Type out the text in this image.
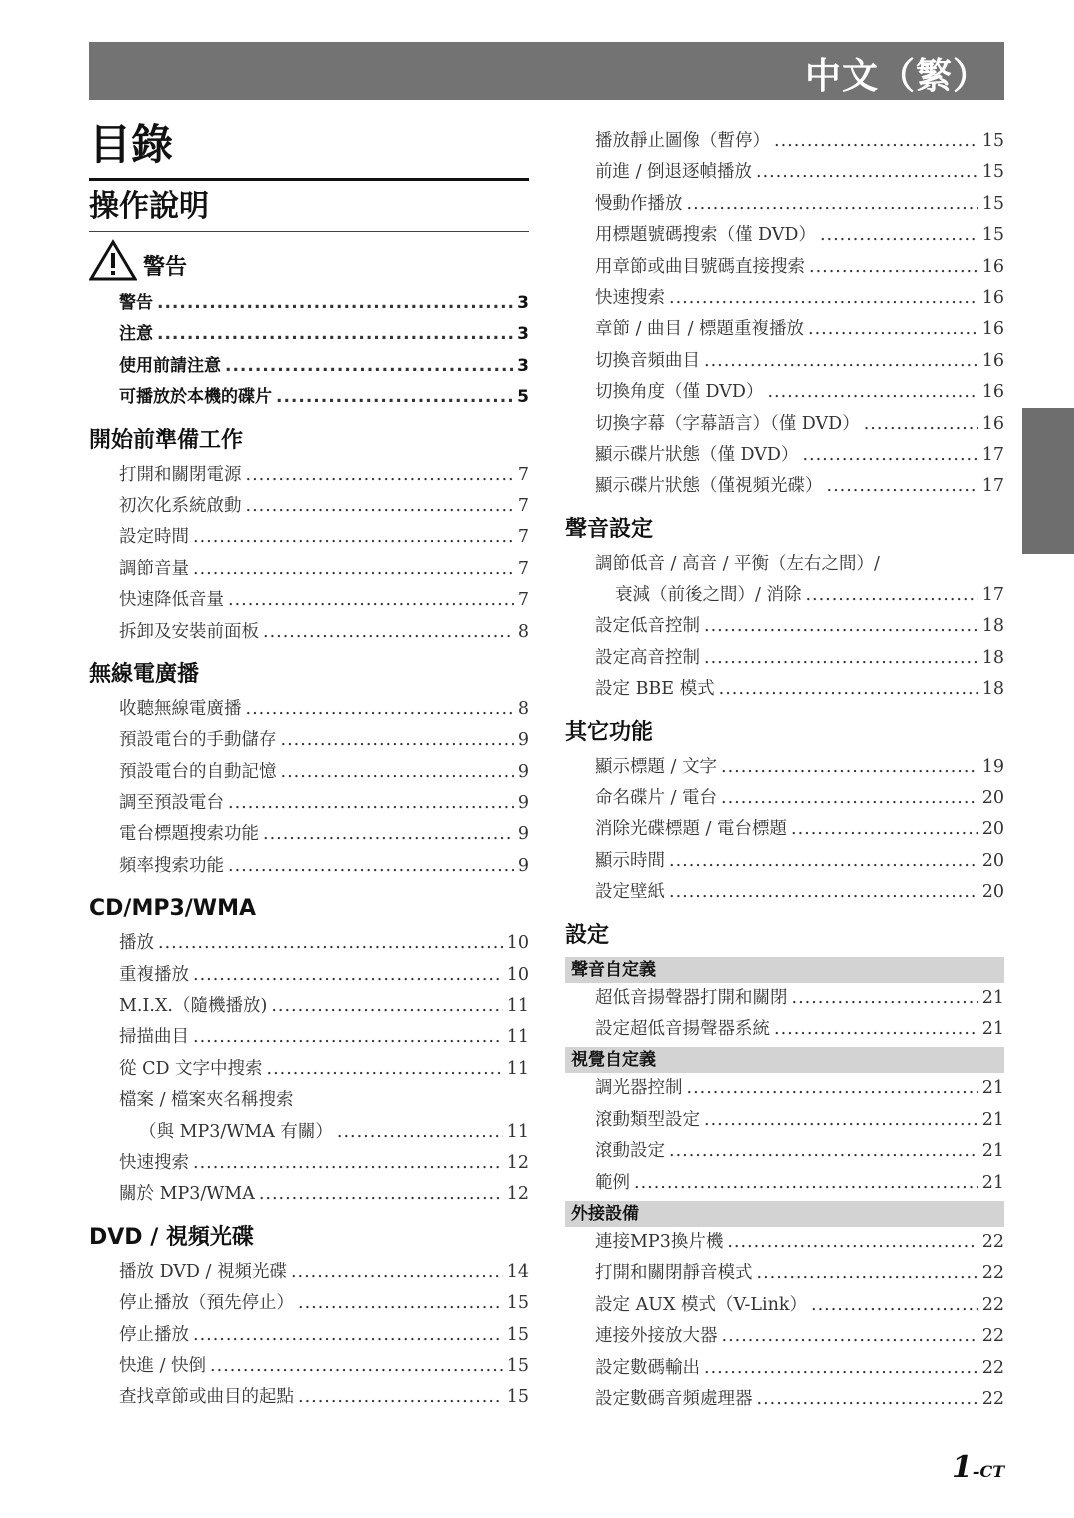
中文（繁）
目錄
操作說明
警告
警告 .....	3
注意 .....	3
使用前請注意 .....	3
可播放於本機的碟片 .....	5
開始前準備工作
打開和關閉電源 .....	7
初次化系統啟動 .....	7
設定時間 .....	7
調節音量 .....	7
快速降低音量 .....	7
拆卸及安裝前面板 .....	8
無線電廣播
收聽無線電廣播 .....	8
預設電台的手動儲存 .....	9
預設電台的自動記憶 .....	9
調至預設電台 .....	9
電台標題搜索功能 .....	9
頻率搜索功能 .....	9
CD/MP3/WMA
播放 .....	10
重複播放 .....	10
M.I.X.（隨機播放) .....	11
掃描曲目 .....	11
從 CD 文字中搜索 .....	11
檔案 / 檔案夾名稱搜索
（與 MP3/WMA 有關） .....	11
快速搜索 .....	12
關於 MP3/WMA .....	12
DVD / 視頻光碟
播放 DVD / 視頻光碟 .....	14
停止播放（預先停止） .....	15
停止播放 .....	15
快進 / 快倒 .....	15
查找章節或曲目的起點 .....	15
播放靜止圖像（暫停） .....	15
前進 / 倒退逐幀播放 .....	15
慢動作播放 .....	15
用標題號碼搜索（僅 DVD） .....	15
用章節或曲目號碼直接搜索 .....	16
快速搜索 .....	16
章節 / 曲目 / 標題重複播放 .....	16
切換音頻曲目 .....	16
切換角度（僅 DVD） .....	16
切換字幕（字幕語言）（僅 DVD） .....	16
顯示碟片狀態（僅 DVD） .....	17
顯示碟片狀態（僅視頻光碟） .....	17
聲音設定
調節低音 / 高音 / 平衡（左右之間）/
衰減（前後之間）/ 消除 .....	17
設定低音控制 .....	18
設定高音控制 .....	18
設定 BBE 模式 .....	18
其它功能
顯示標題 / 文字 .....	19
命名碟片 / 電台 .....	20
消除光碟標題 / 電台標題 .....	20
顯示時間 .....	20
設定壁紙 .....	20
設定
聲音自定義
超低音揚聲器打開和關閉 .....	21
設定超低音揚聲器系統 .....	21
視覺自定義
調光器控制 .....	21
滾動類型設定 .....	21
滾動設定 .....	21
範例 .....	21
外接設備
連接MP3換片機 .....	22
打開和關閉靜音模式 .....	22
設定 AUX 模式（V-Link） .....	22
連接外接放大器 .....	22
設定數碼輸出 .....	22
設定數碼音頻處理器 .....	22
1-CT
